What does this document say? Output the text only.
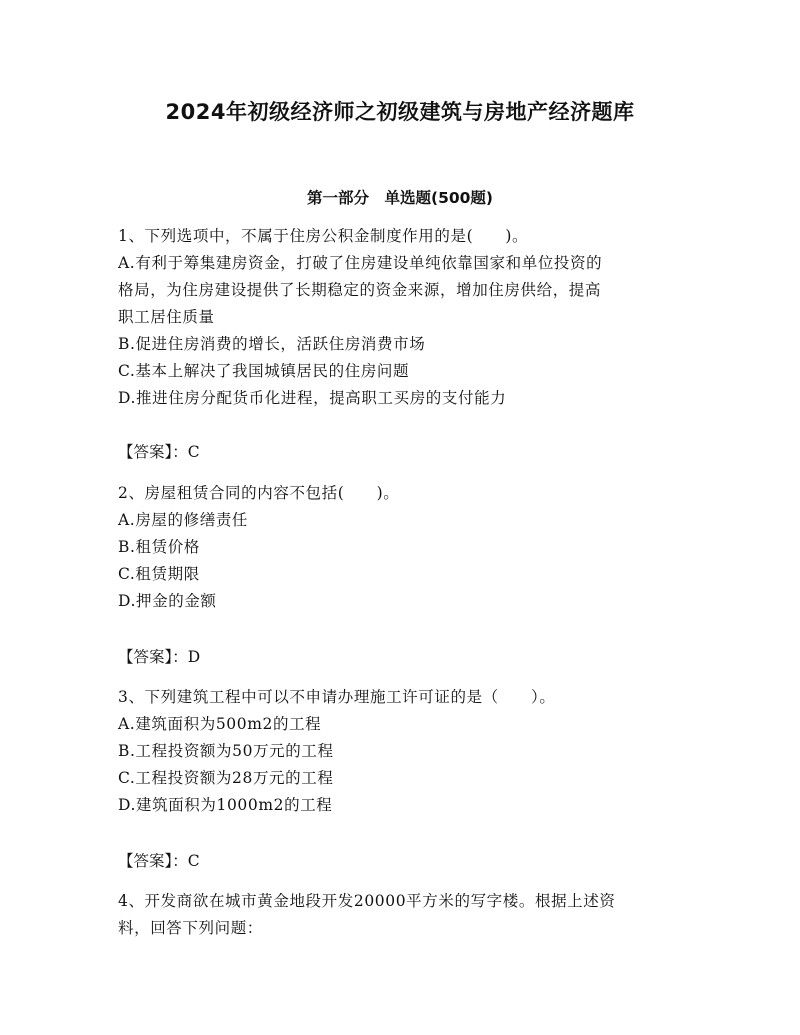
2024年初级经济师之初级建筑与房地产经济题库
第一部分　单选题(500题)
1、下列选项中，不属于住房公积金制度作用的是(　　)。
A.有利于筹集建房资金，打破了住房建设单纯依靠国家和单位投资的
格局，为住房建设提供了长期稳定的资金来源，增加住房供给，提高
职工居住质量
B.促进住房消费的增长，活跃住房消费市场
C.基本上解决了我国城镇居民的住房问题
D.推进住房分配货币化进程，提高职工买房的支付能力
【答案】：C
2、房屋租赁合同的内容不包括(　　)。
A.房屋的修缮责任
B.租赁价格
C.租赁期限
D.押金的金额
【答案】：D
3、下列建筑工程中可以不申请办理施工许可证的是（　　）。
A.建筑面积为500m2的工程
B.工程投资额为50万元的工程
C.工程投资额为28万元的工程
D.建筑面积为1000m2的工程
【答案】：C
4、开发商欲在城市黄金地段开发20000平方米的写字楼。根据上述资
料，回答下列问题：
